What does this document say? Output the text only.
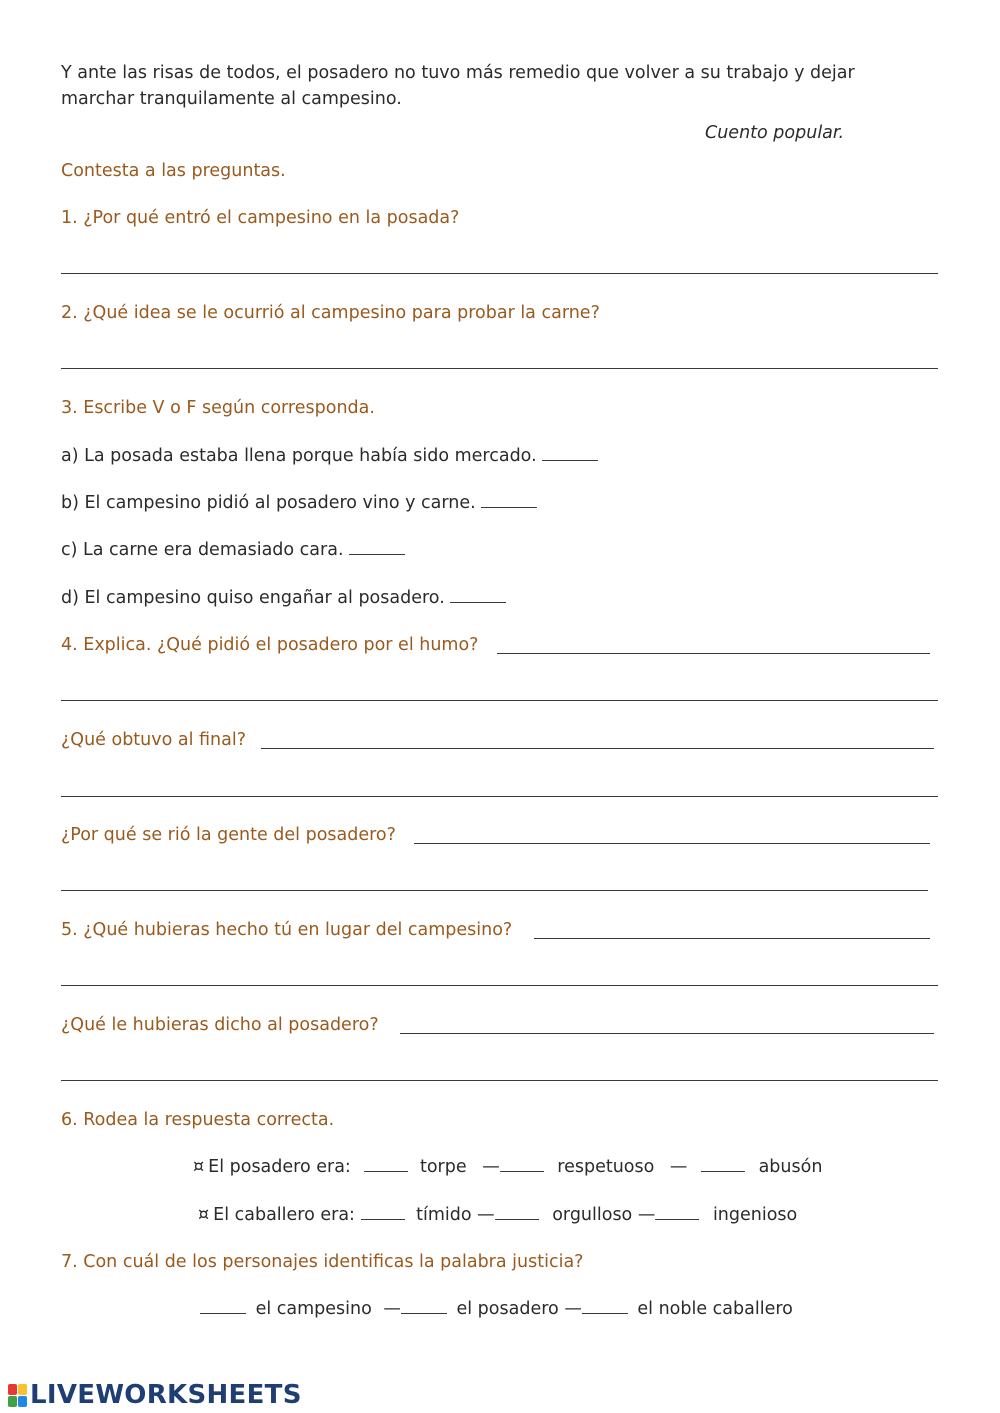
Y ante las risas de todos, el posadero no tuvo más remedio que volver a su trabajo y dejar marchar tranquilamente al campesino.
Cuento popular.
Contesta a las preguntas.
1. ¿Por qué entró el campesino en la posada?
2. ¿Qué idea se le ocurrió al campesino para probar la carne?
3. Escribe V o F según corresponda.
a) La posada estaba llena porque había sido mercado.
b) El campesino pidió al posadero vino y carne.
c) La carne era demasiado cara.
d) El campesino quiso engañar al posadero.
4. Explica. ¿Qué pidió el posadero por el humo?
¿Qué obtuvo al final?
¿Por qué se rió la gente del posadero?
5. ¿Qué hubieras hecho tú en lugar del campesino?
¿Qué le hubieras dicho al posadero?
6. Rodea la respuesta correcta.
¤ El posadero era:	torpe —	respetuoso —	abusón
¤ El caballero era:	tímido —	orgulloso —	ingenioso
7. Con cuál de los personajes identificas la palabra justicia?
el campesino —	el posadero —	el noble caballero
LIVEWORKSHEETS
